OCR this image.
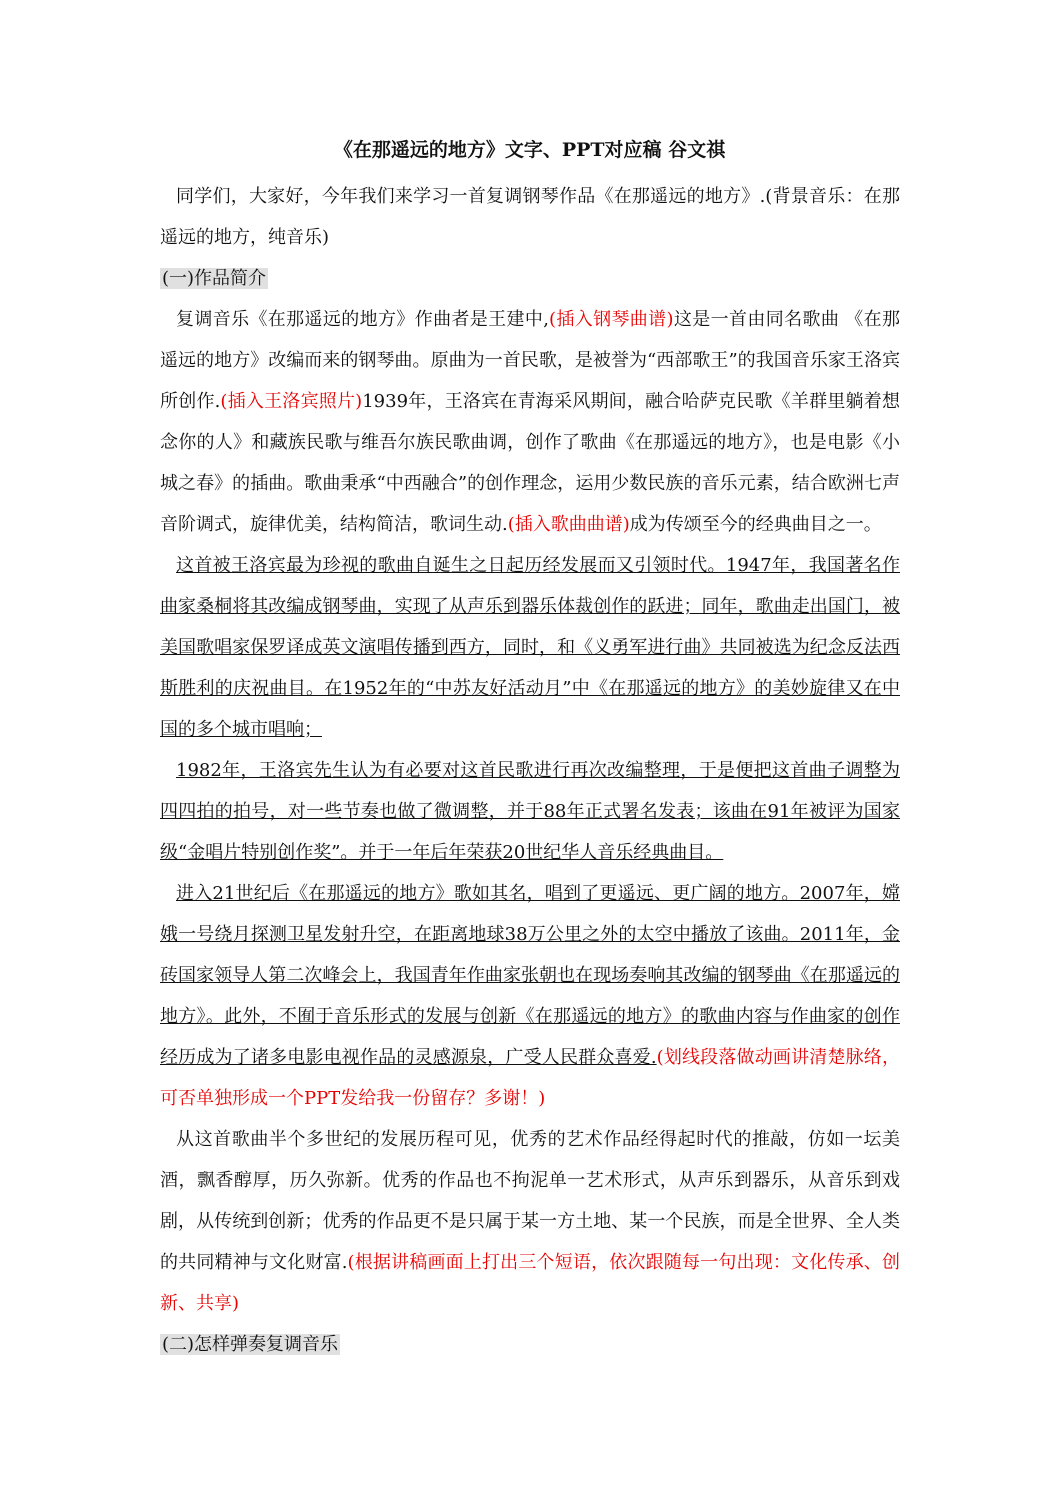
《在那遥远的地方》文字、PPT对应稿 谷文祺

同学们，大家好，今年我们来学习一首复调钢琴作品《在那遥远的地方》.(背景音乐：在那遥远的地方，纯音乐)

(一)作品简介

复调音乐《在那遥远的地方》作曲者是王建中,(插入钢琴曲谱)这是一首由同名歌曲 《在那遥远的地方》改编而来的钢琴曲。原曲为一首民歌，是被誉为“西部歌王”的我国音乐家王洛宾所创作.(插入王洛宾照片)1939年，王洛宾在青海采风期间，融合哈萨克民歌《羊群里躺着想念你的人》和藏族民歌与维吾尔族民歌曲调，创作了歌曲《在那遥远的地方》，也是电影《小城之春》的插曲。歌曲秉承“中西融合”的创作理念，运用少数民族的音乐元素，结合欧洲七声音阶调式，旋律优美，结构简洁，歌词生动.(插入歌曲曲谱)成为传颂至今的经典曲目之一。

这首被王洛宾最为珍视的歌曲自诞生之日起历经发展而又引领时代。1947年，我国著名作曲家桑桐将其改编成钢琴曲，实现了从声乐到器乐体裁创作的跃进；同年，歌曲走出国门，被美国歌唱家保罗译成英文演唱传播到西方，同时，和《义勇军进行曲》共同被选为纪念反法西斯胜利的庆祝曲目。在1952年的“中苏友好活动月”中《在那遥远的地方》的美妙旋律又在中国的多个城市唱响；

1982年，王洛宾先生认为有必要对这首民歌进行再次改编整理，于是便把这首曲子调整为四四拍的拍号，对一些节奏也做了微调整，并于88年正式署名发表；该曲在91年被评为国家级“金唱片特别创作奖”。并于一年后年荣获20世纪华人音乐经典曲目。

进入21世纪后《在那遥远的地方》歌如其名，唱到了更遥远、更广阔的地方。2007年，嫦娥一号绕月探测卫星发射升空，在距离地球38万公里之外的太空中播放了该曲。2011年，金砖国家领导人第二次峰会上，我国青年作曲家张朝也在现场奏响其改编的钢琴曲《在那遥远的地方》。此外，不囿于音乐形式的发展与创新《在那遥远的地方》的歌曲内容与作曲家的创作经历成为了诸多电影电视作品的灵感源泉，广受人民群众喜爱.(划线段落做动画讲清楚脉络，可否单独形成一个PPT发给我一份留存？多谢！)

从这首歌曲半个多世纪的发展历程可见，优秀的艺术作品经得起时代的推敲，仿如一坛美酒，飘香醇厚，历久弥新。优秀的作品也不拘泥单一艺术形式，从声乐到器乐，从音乐到戏剧，从传统到创新；优秀的作品更不是只属于某一方土地、某一个民族，而是全世界、全人类的共同精神与文化财富.(根据讲稿画面上打出三个短语，依次跟随每一句出现：文化传承、创新、共享)

(二)怎样弹奏复调音乐
